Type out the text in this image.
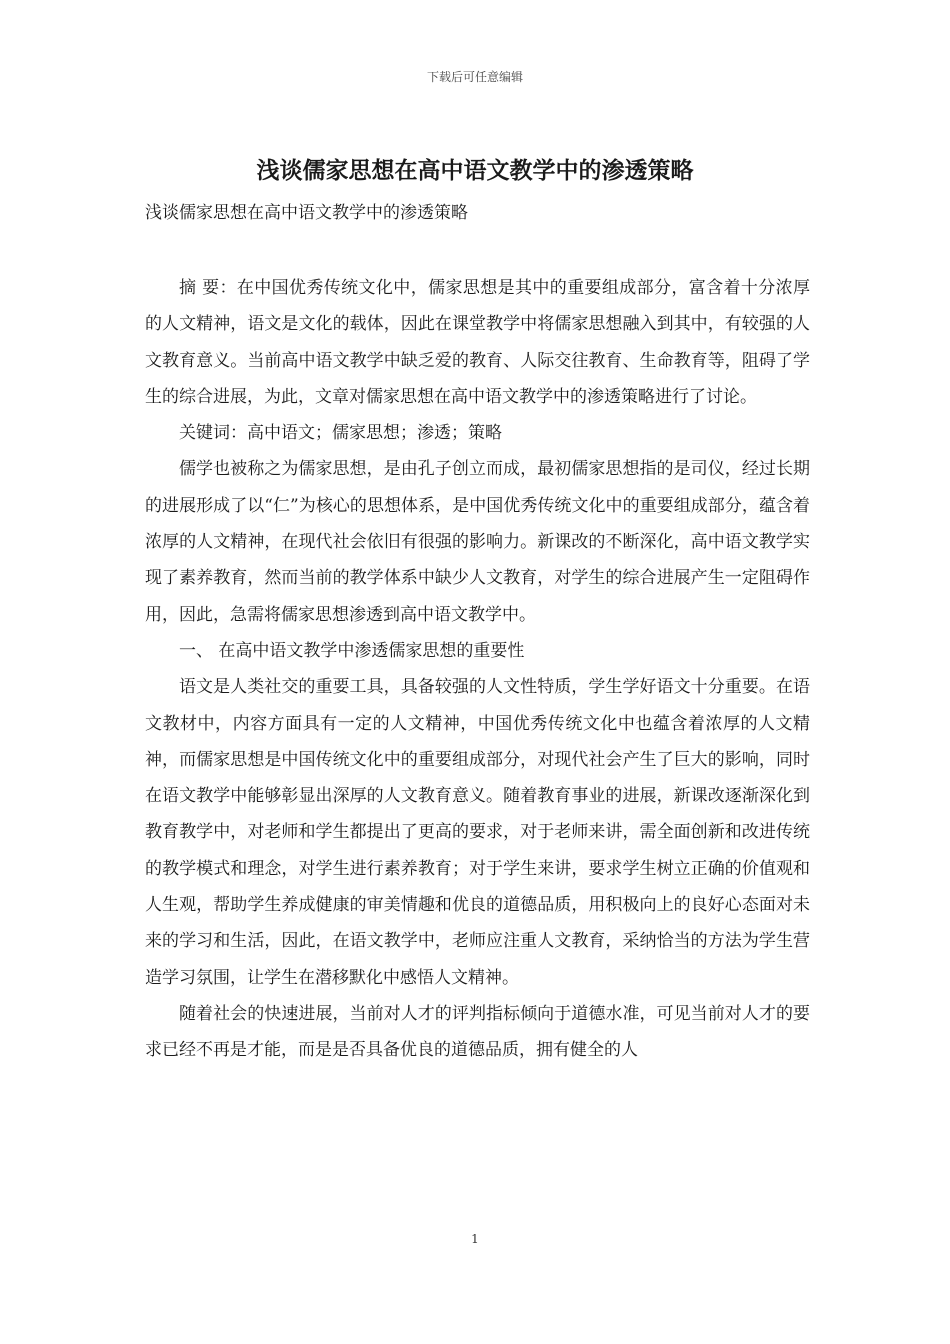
下载后可任意编辑
浅谈儒家思想在高中语文教学中的渗透策略

浅谈儒家思想在高中语文教学中的渗透策略

摘 要：在中国优秀传统文化中，儒家思想是其中的重要组成部分，富含着十分浓厚的人文精神，语文是文化的载体，因此在课堂教学中将儒家思想融入到其中，有较强的人文教育意义。当前高中语文教学中缺乏爱的教育、人际交往教育、生命教育等，阻碍了学生的综合进展，为此，文章对儒家思想在高中语文教学中的渗透策略进行了讨论。

关键词：高中语文；儒家思想；渗透；策略

儒学也被称之为儒家思想，是由孔子创立而成，最初儒家思想指的是司仪，经过长期的进展形成了以“仁”为核心的思想体系，是中国优秀传统文化中的重要组成部分，蕴含着浓厚的人文精神，在现代社会依旧有很强的影响力。新课改的不断深化，高中语文教学实现了素养教育，然而当前的教学体系中缺少人文教育，对学生的综合进展产生一定阻碍作用，因此，急需将儒家思想渗透到高中语文教学中。

一、 在高中语文教学中渗透儒家思想的重要性

语文是人类社交的重要工具，具备较强的人文性特质，学生学好语文十分重要。在语文教材中，内容方面具有一定的人文精神，中国优秀传统文化中也蕴含着浓厚的人文精神，而儒家思想是中国传统文化中的重要组成部分，对现代社会产生了巨大的影响，同时在语文教学中能够彰显出深厚的人文教育意义。随着教育事业的进展，新课改逐渐深化到教育教学中，对老师和学生都提出了更高的要求，对于老师来讲，需全面创新和改进传统的教学模式和理念，对学生进行素养教育；对于学生来讲，要求学生树立正确的价值观和人生观，帮助学生养成健康的审美情趣和优良的道德品质，用积极向上的良好心态面对未来的学习和生活，因此，在语文教学中，老师应注重人文教育，采纳恰当的方法为学生营造学习氛围，让学生在潜移默化中感悟人文精神。

随着社会的快速进展，当前对人才的评判指标倾向于道德水准，可见当前对人才的要求已经不再是才能，而是是否具备优良的道德品质，拥有健全的人

1
